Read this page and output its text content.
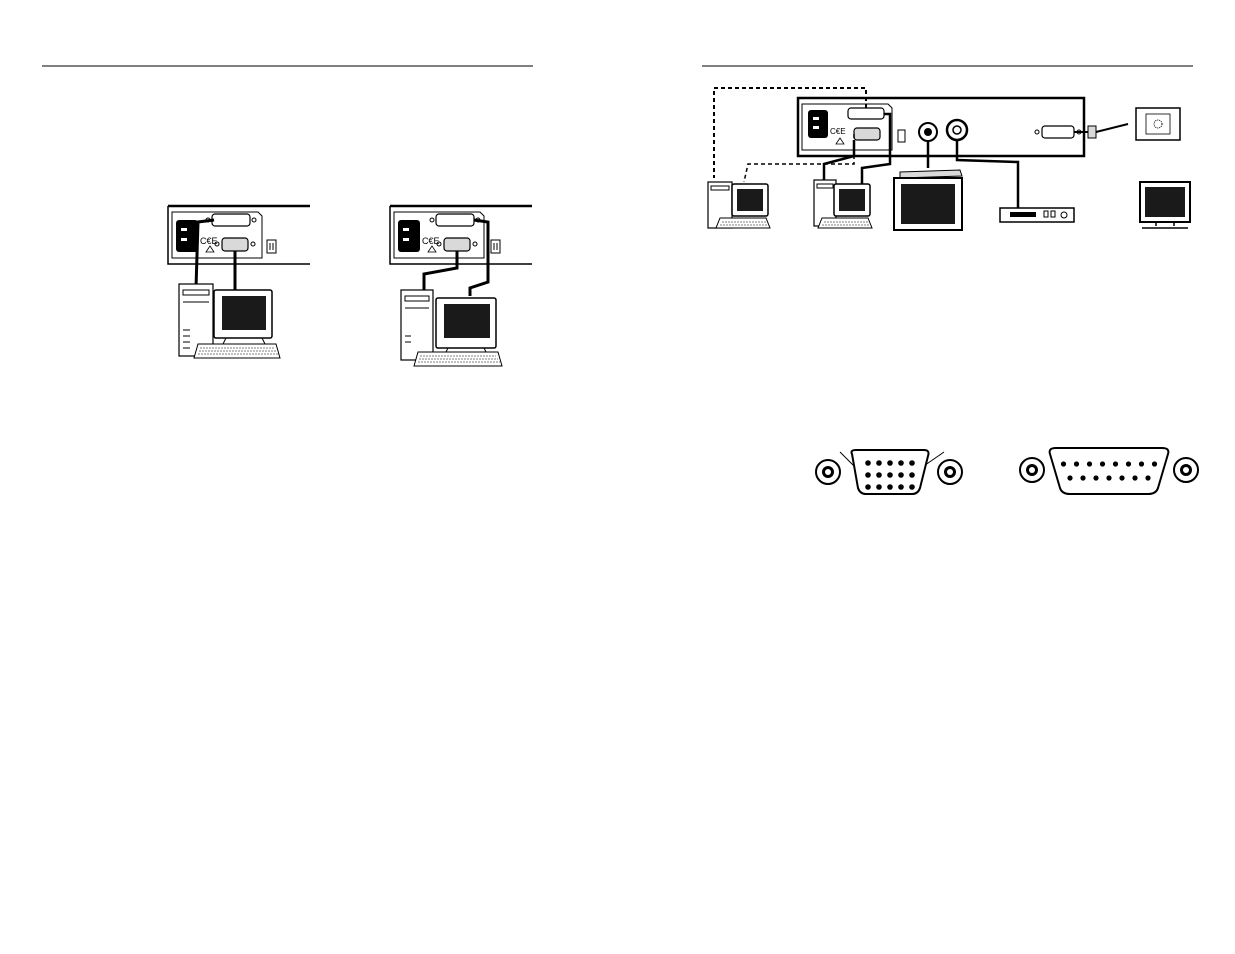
C€E	C€E
C€E
